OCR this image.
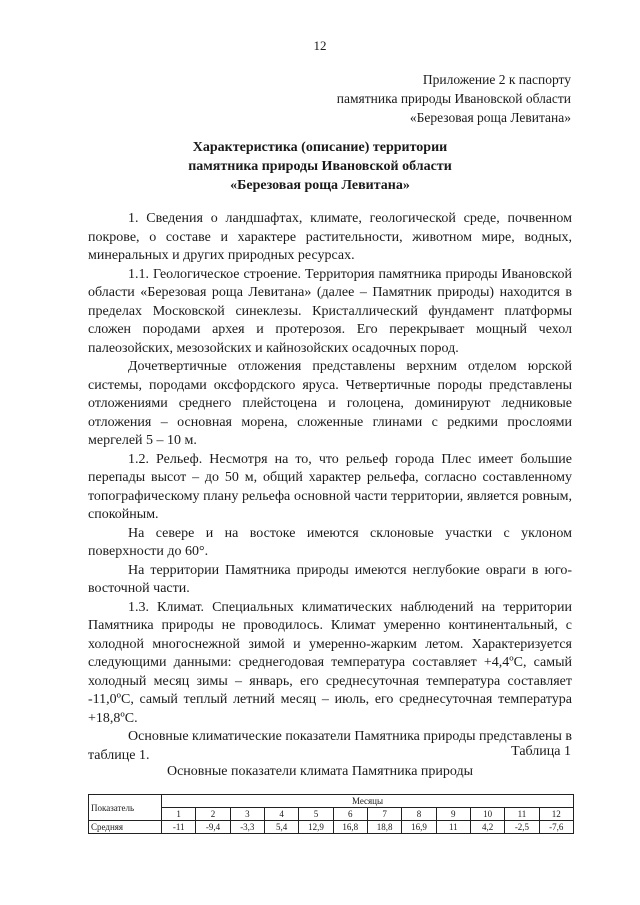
12
Приложение 2 к паспорту
памятника природы Ивановской области
«Березовая роща Левитана»
Характеристика (описание) территории
памятника природы Ивановской области
«Березовая роща Левитана»

1. Сведения о ландшафтах, климате, геологической среде, почвенном покрове, о составе и характере растительности, животном мире, водных, минеральных и других природных ресурсах.

1.1. Геологическое строение. Территория памятника природы Ивановской области «Березовая роща Левитана» (далее – Памятник природы) находится в пределах Московской синеклезы. Кристаллический фундамент платформы сложен породами архея и протерозоя. Его перекрывает мощный чехол палеозойских, мезозойских и кайнозойских осадочных пород.

Дочетвертичные отложения представлены верхним отделом юрской системы, породами оксфордского яруса. Четвертичные породы представлены отложениями среднего плейстоцена и голоцена, доминируют ледниковые отложения – основная морена, сложенные глинами с редкими прослоями мергелей 5 – 10 м.

1.2. Рельеф. Несмотря на то, что рельеф города Плес имеет большие перепады высот – до 50 м, общий характер рельефа, согласно составленному топографическому плану рельефа основной части территории, является ровным, спокойным.

На севере и на востоке имеются склоновые участки с уклоном поверхности до 60°.

На территории Памятника природы имеются неглубокие овраги в юго-восточной части.

1.3. Климат. Специальных климатических наблюдений на территории Памятника природы не проводилось. Климат умеренно континентальный, с холодной многоснежной зимой и умеренно-жарким летом. Характеризуется следующими данными: среднегодовая температура составляет +4,4ºС, самый холодный месяц зимы – январь, его среднесуточная температура составляет -11,0ºС, самый теплый летний месяц – июль, его среднесуточная температура +18,8ºС.

Основные климатические показатели Памятника природы представлены в таблице 1.	Таблица 1
Основные показатели климата Памятника природы
Показатель	Месяцы											
	1	2	3	4	5	6	7	8	9	10	11	12
Средняя	-11	-9,4	-3,3	5,4	12,9	16,8	18,8	16,9	11	4,2	-2,5	-7,6
